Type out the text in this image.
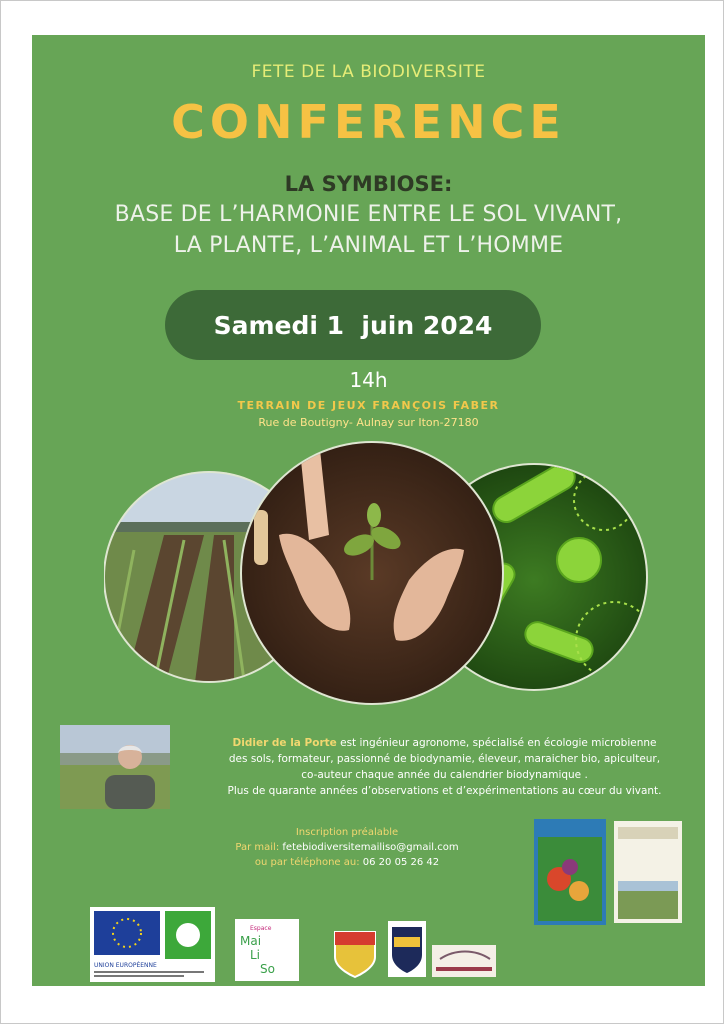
FETE DE LA BIODIVERSITE
CONFERENCE
LA SYMBIOSE:
BASE DE L’HARMONIE ENTRE LE SOL VIVANT,
LA PLANTE, L’ANIMAL ET L’HOMME
Samedi 1  juin 2024
14h
TERRAIN DE JEUX FRANÇOIS FABER
Rue de Boutigny- Aulnay sur Iton-27180
Didier de la Porte est ingénieur agronome, spécialisé en écologie microbienne
des sols, formateur, passionné de biodynamie, éleveur, maraicher bio, apiculteur,
co-auteur chaque année du calendrier biodynamique .
Plus de quarante années d’observations et d’expérimentations au cœur du vivant.
Inscription préalable
Par mail: fetebiodiversitemailiso@gmail.com
ou par téléphone au: 06 20 05 26 42
UNION EUROPÉENNE
Espace
Mai
Li
So
